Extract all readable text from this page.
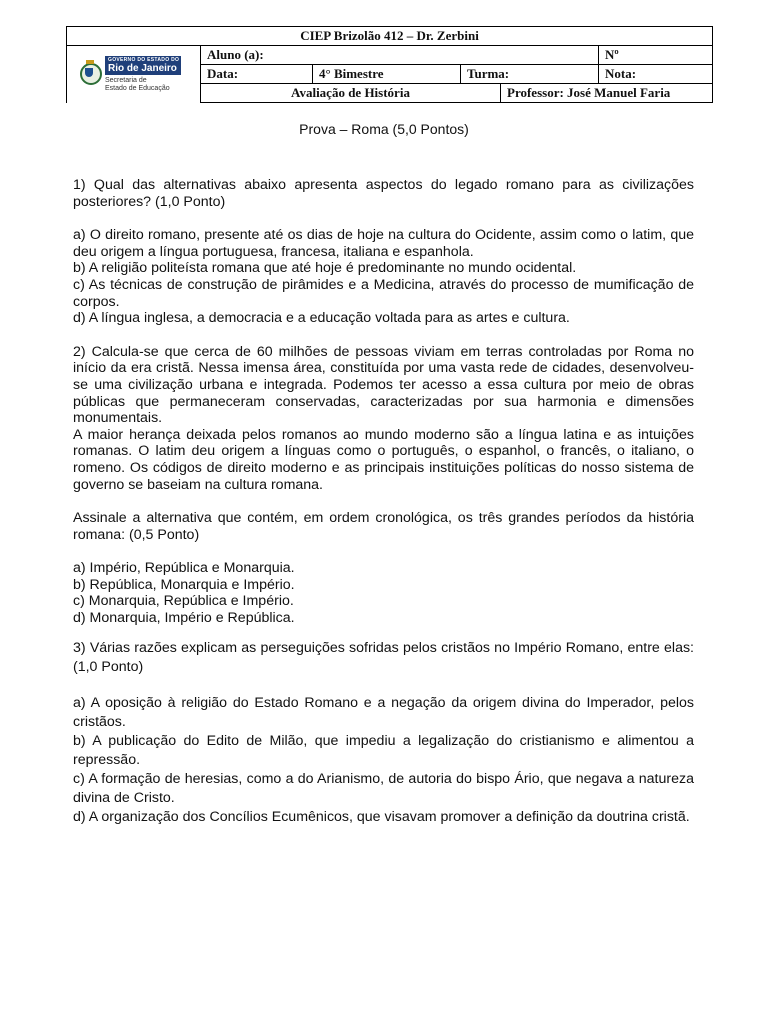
CIEP Brizolão 412 – Dr. Zerbini					

GOVERNO DO ESTADO DO
Rio de Janeiro
Secretaria de
Estado de Educação	Aluno (a):				Nº
	Data:	4° Bimestre	Turma:		Nota:
	Avaliação de História			Professor: José Manuel Faria	
Prova – Roma (5,0 Pontos)

1) Qual das alternativas abaixo apresenta aspectos do legado romano para as civilizações posteriores? (1,0 Ponto)

a) O direito romano, presente até os dias de hoje na cultura do Ocidente, assim como o latim, que deu origem a língua portuguesa, francesa, italiana e espanhola.

b) A religião politeísta romana que até hoje é predominante no mundo ocidental.

c) As técnicas de construção de pirâmides e a Medicina, através do processo de mumificação de corpos.

d) A língua inglesa, a democracia e a educação voltada para as artes e cultura.

2) Calcula-se que cerca de 60 milhões de pessoas viviam em terras controladas por Roma no início da era cristã. Nessa imensa área, constituída por uma vasta rede de cidades, desenvolveu-se uma civilização urbana e integrada. Podemos ter acesso a essa cultura por meio de obras públicas que permaneceram conservadas, caracterizadas por sua harmonia e dimensões monumentais.

A maior herança deixada pelos romanos ao mundo moderno são a língua latina e as intuições romanas. O latim deu origem a línguas como o português, o espanhol, o francês, o italiano, o romeno. Os códigos de direito moderno e as principais instituições políticas do nosso sistema de governo se baseiam na cultura romana.

Assinale a alternativa que contém, em ordem cronológica, os três grandes períodos da história romana: (0,5 Ponto)

a) Império, República e Monarquia.

b) República, Monarquia e Império.

c) Monarquia, República e Império.

d) Monarquia, Império e República.

3) Várias razões explicam as perseguições sofridas pelos cristãos no Império Romano, entre elas: (1,0 Ponto)

a) A oposição à religião do Estado Romano e a negação da origem divina do Imperador, pelos cristãos.

b) A publicação do Edito de Milão, que impediu a legalização do cristianismo e alimentou a repressão.

c) A formação de heresias, como a do Arianismo, de autoria do bispo Ário, que negava a natureza divina de Cristo.

d) A organização dos Concílios Ecumênicos, que visavam promover a definição da doutrina cristã.
